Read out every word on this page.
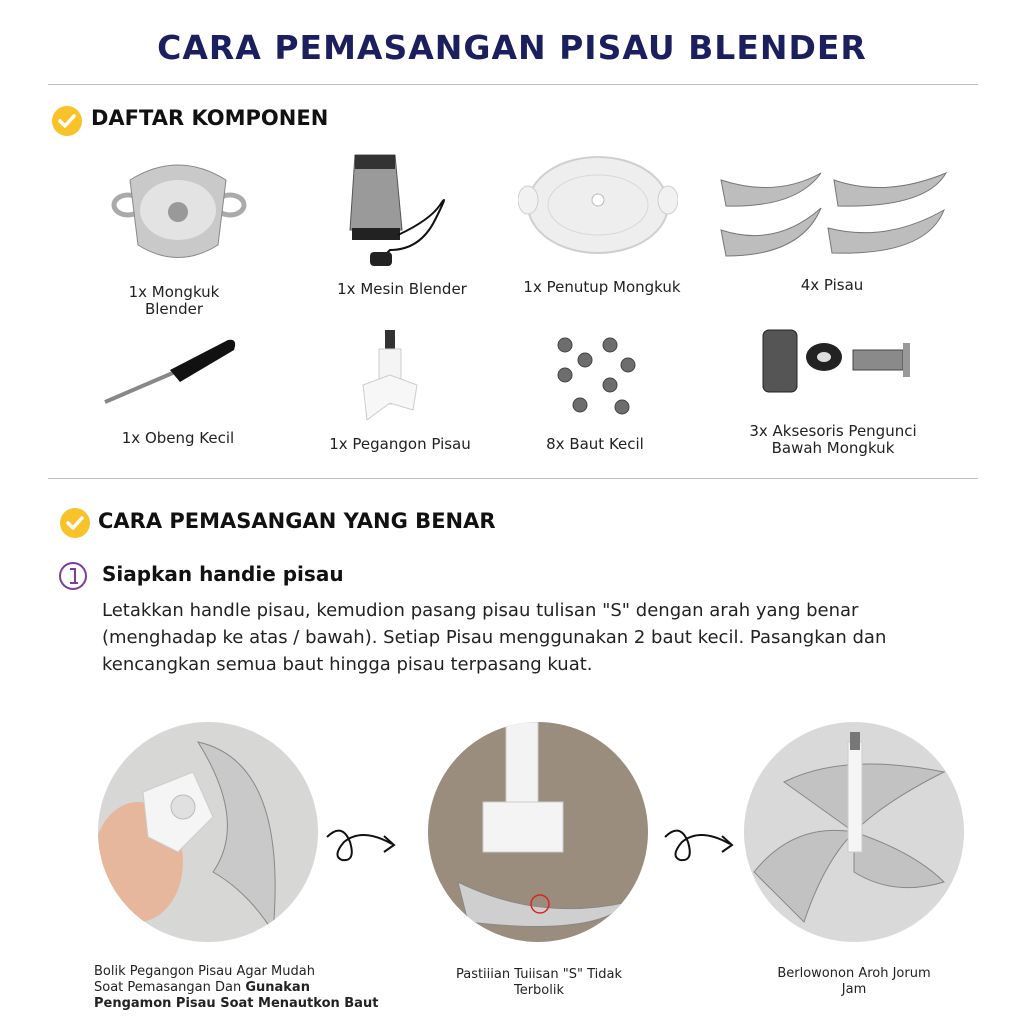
CARA PEMASANGAN PISAU BLENDER
DAFTAR KOMPONEN
1x Mongkuk
Blender
1x Mesin Blender	1x Penutup Mongkuk	4x Pisau
1x Obeng Kecil	1x Pegangon Pisau	8x Baut Kecil
3x Aksesoris Pengunci
Bawah Mongkuk
CARA PEMASANGAN YANG BENAR
Siapkan handie pisau
Letakkan handle pisau, kemudion pasang pisau tulisan "S" dengan arah yang benar
(menghadap ke atas / bawah). Setiap Pisau menggunakan 2 baut kecil. Pasangkan dan
kencangkan semua baut hingga pisau terpasang kuat.
Bolik Pegangon Pisau Agar Mudah
Soat Pemasangan Dan Gunakan
Pengamon Pisau Soat Menautkon Baut
Pastiiian Tuiisan "S" Tidak
Terbolik
Berlowonon Aroh Jorum
Jam
